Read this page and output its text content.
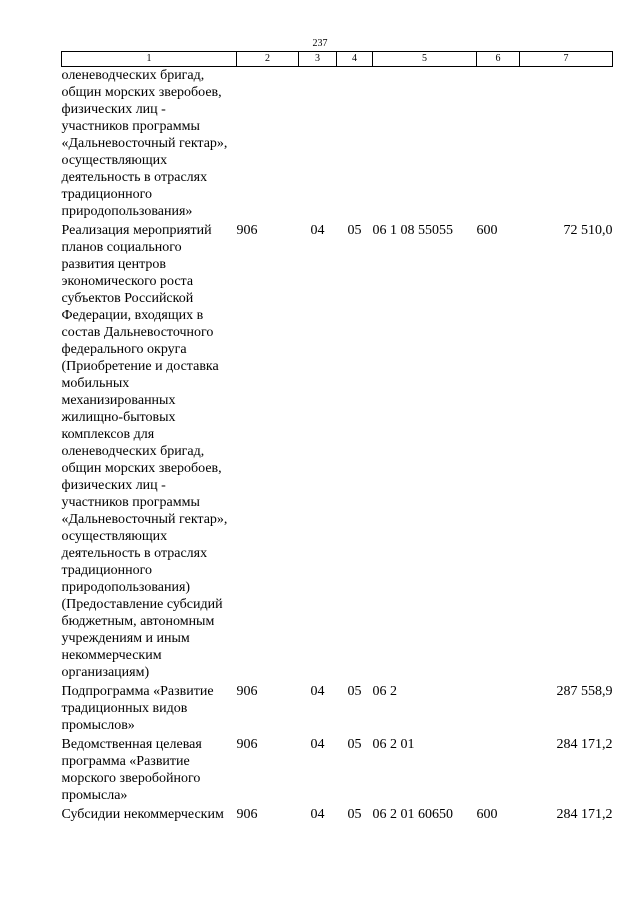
237
1	2	3	4	5	6	7
оленеводческих бригад, общин морских зверобоев, физических лиц - участников программы «Дальневосточный гектар», осуществляющих деятельность в отраслях традиционного природопользования»						
Реализация мероприятий планов социального развития центров экономического роста субъектов Российской Федерации, входящих в состав Дальневосточного федерального округа (Приобретение и доставка мобильных механизированных жилищно-бытовых комплексов для оленеводческих бригад, общин морских зверобоев, физических лиц - участников программы «Дальневосточный гектар», осуществляющих деятельность в отраслях традиционного природопользования) (Предоставление субсидий бюджетным, автономным учреждениям и иным некоммерческим организациям)	906	04	05	06 1 08 55055	600	72 510,0
Подпрограмма «Развитие традиционных видов промыслов»	906	04	05	06 2		287 558,9
Ведомственная целевая программа «Развитие морского зверобойного промысла»	906	04	05	06 2 01		284 171,2
Субсидии некоммерческим	906	04	05	06 2 01 60650	600	284 171,2
